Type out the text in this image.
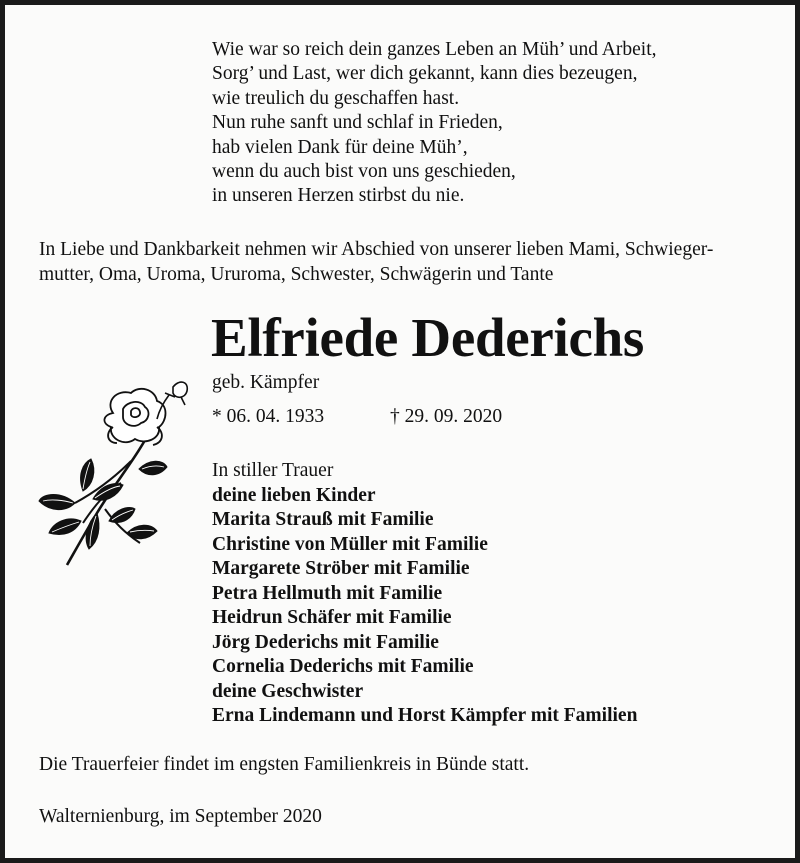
Wie war so reich dein ganzes Leben an Müh’ und Arbeit,
Sorg’ und Last, wer dich gekannt, kann dies bezeugen,
wie treulich du geschaffen hast.
Nun ruhe sanft und schlaf in Frieden,
hab vielen Dank für deine Müh’,
wenn du auch bist von uns geschieden,
in unseren Herzen stirbst du nie.
In Liebe und Dankbarkeit nehmen wir Abschied von unserer lieben Mami, Schwieger-
mutter, Oma, Uroma, Ururoma, Schwester, Schwägerin und Tante
Elfriede Dederichs
geb. Kämpfer
* 06. 04. 1933	† 29. 09. 2020
In stiller Trauer
deine lieben Kinder
Marita Strauß mit Familie
Christine von Müller mit Familie
Margarete Ströber mit Familie
Petra Hellmuth mit Familie
Heidrun Schäfer mit Familie
Jörg Dederichs mit Familie
Cornelia Dederichs mit Familie
deine Geschwister
Erna Lindemann und Horst Kämpfer mit Familien
Die Trauerfeier findet im engsten Familienkreis in Bünde statt.
Walternienburg, im September 2020
